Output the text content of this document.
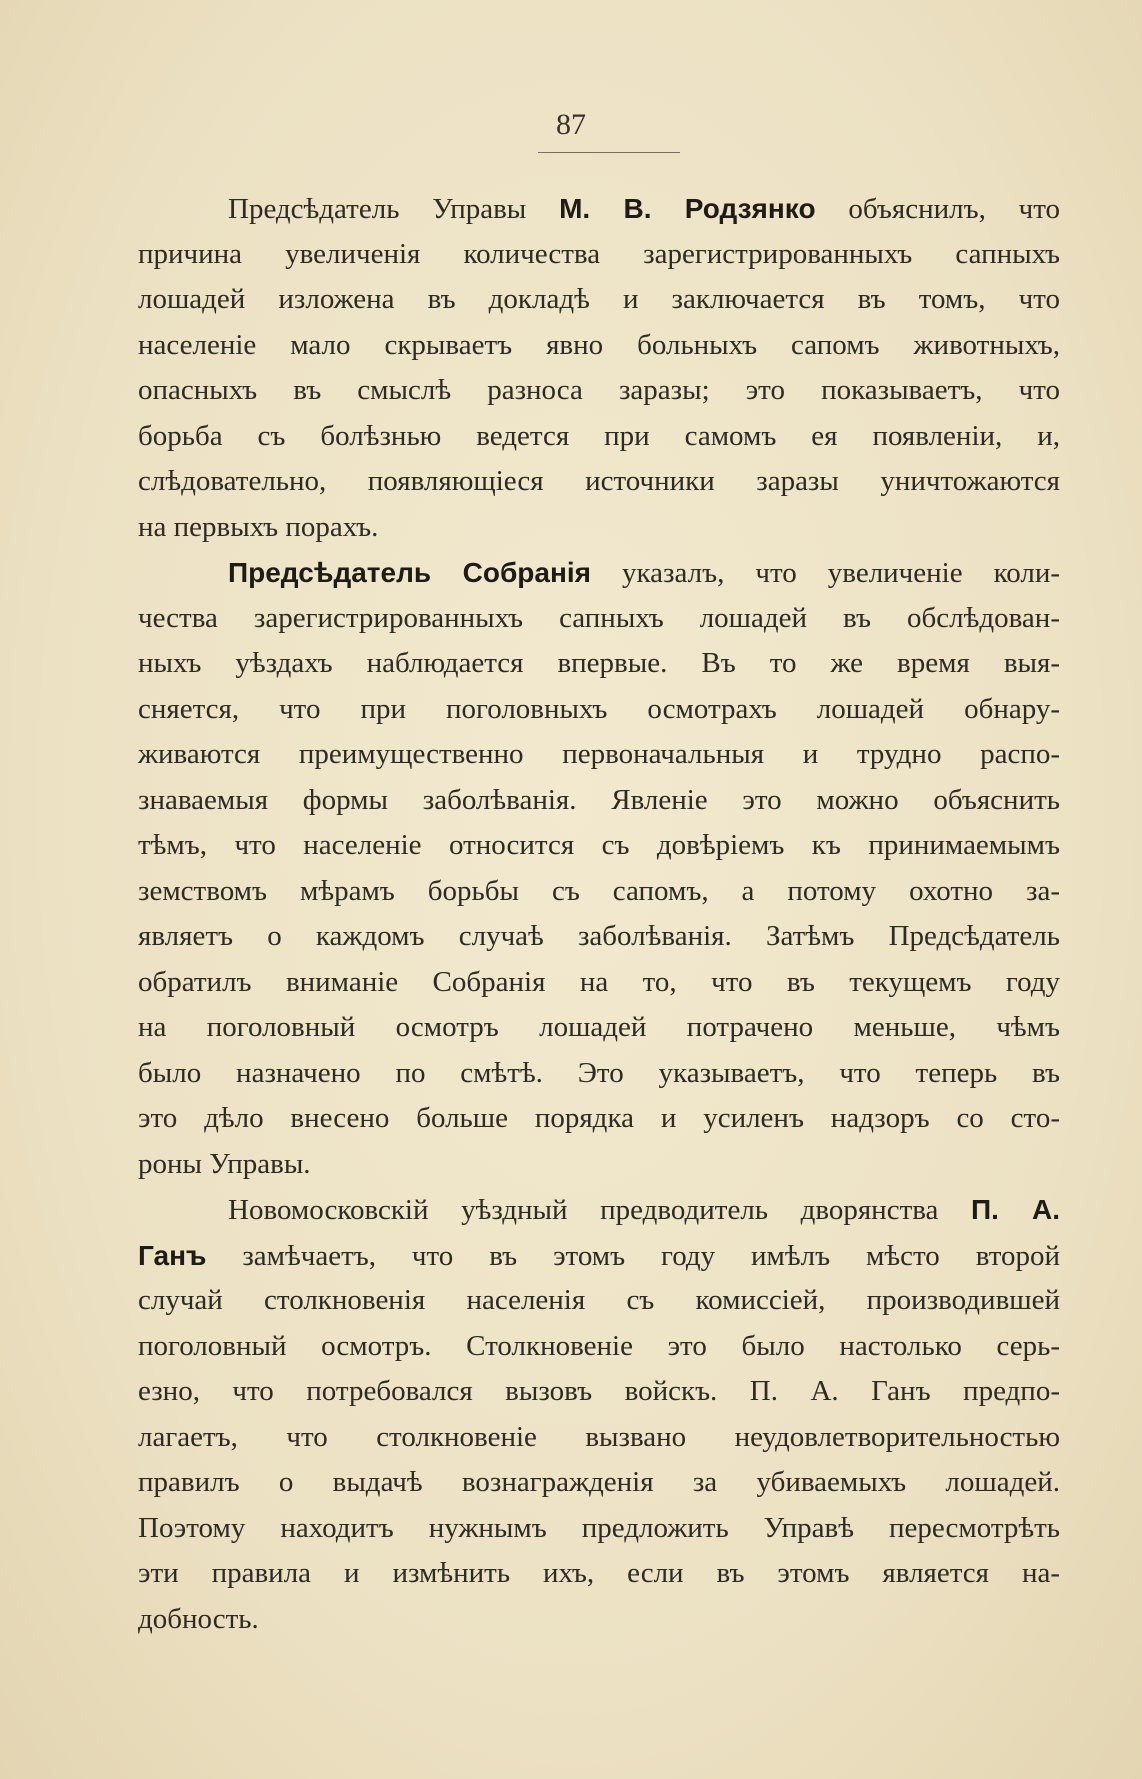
87
Предсѣдатель Управы М. В. Родзянко объяснилъ, что
причина увеличенія количества зарегистрированныхъ сапныхъ
лошадей изложена въ докладѣ и заключается въ томъ, что
населеніе мало скрываетъ явно больныхъ сапомъ животныхъ,
опасныхъ въ смыслѣ разноса заразы; это показываетъ, что
борьба съ болѣзнью ведется при самомъ ея появленіи, и,
слѣдовательно, появляющіеся источники заразы уничтожаются
на первыхъ порахъ.
Предсѣдатель Собранія указалъ, что увеличеніе коли-
чества зарегистрированныхъ сапныхъ лошадей въ обслѣдован-
ныхъ уѣздахъ наблюдается впервые. Въ то же время выя-
сняется, что при поголовныхъ осмотрахъ лошадей обнару-
живаются преимущественно первоначальныя и трудно распо-
знаваемыя формы заболѣванія. Явленіе это можно объяснить
тѣмъ, что населеніе относится съ довѣріемъ къ принимаемымъ
земствомъ мѣрамъ борьбы съ сапомъ, а потому охотно за-
являетъ о каждомъ случаѣ заболѣванія. Затѣмъ Предсѣдатель
обратилъ вниманіе Собранія на то, что въ текущемъ году
на поголовный осмотръ лошадей потрачено меньше, чѣмъ
было назначено по смѣтѣ. Это указываетъ, что теперь въ
это дѣло внесено больше порядка и усиленъ надзоръ со сто-
роны Управы.
Новомосковскій уѣздный предводитель дворянства П. А.
Ганъ замѣчаетъ, что въ этомъ году имѣлъ мѣсто второй
случай столкновенія населенія съ комиссіей, производившей
поголовный осмотръ. Столкновеніе это было настолько серь-
езно, что потребовался вызовъ войскъ. П. А. Ганъ предпо-
лагаетъ, что столкновеніе вызвано неудовлетворительностью
правилъ о выдачѣ вознагражденія за убиваемыхъ лошадей.
Поэтому находитъ нужнымъ предложить Управѣ пересмотрѣть
эти правила и измѣнить ихъ, если въ этомъ является на-
добность.
